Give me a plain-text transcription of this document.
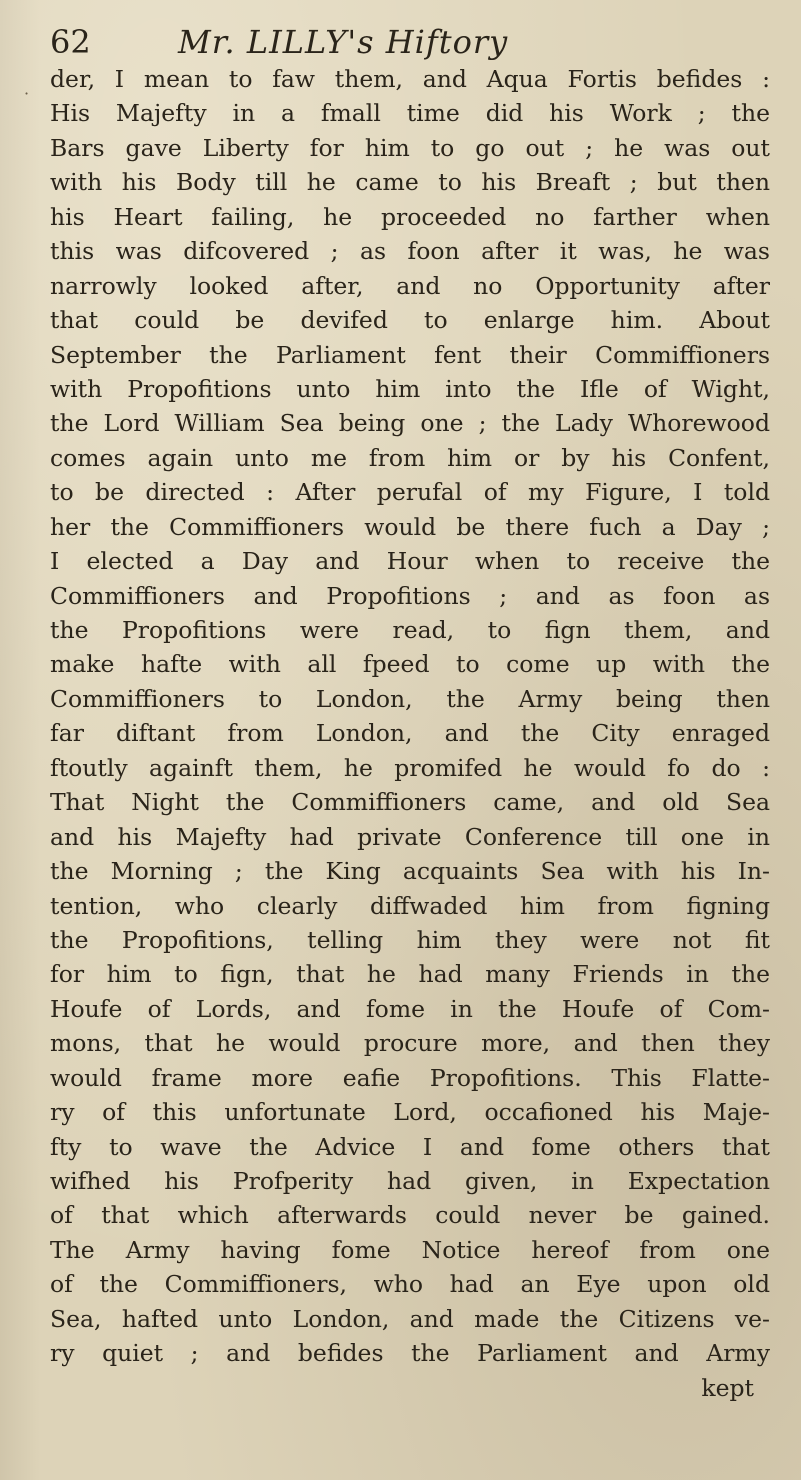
62	Mr. LILLY's Hiftory
·
der, I mean to faw them, and Aqua Fortis befides :
His Majefty in a fmall time did his Work ; the
Bars gave Liberty for him to go out ; he was out
with his Body till he came to his Breaft ; but then
his Heart failing, he proceeded no farther when
this was difcovered ; as foon after it was, he was
narrowly looked after, and no Opportunity after
that could be devifed to enlarge him. About
September the Parliament fent their Commiffioners
with Propofitions unto him into the Ifle of Wight,
the Lord William Sea being one ; the Lady Whorewood
comes again unto me from him or by his Confent,
to be directed : After perufal of my Figure, I told
her the Commiffioners would be there fuch a Day ;
I elected a Day and Hour when to receive the
Commiffioners and Propofitions ; and as foon as
the Propofitions were read, to fign them, and
make hafte with all fpeed to come up with the
Commiffioners to London, the Army being then
far diftant from London, and the City enraged
ftoutly againft them, he promifed he would fo do :
That Night the Commiffioners came, and old Sea
and his Majefty had private Conference till one in
the Morning ; the King acquaints Sea with his In-
tention, who clearly diffwaded him from figning
the Propofitions, telling him they were not fit
for him to fign, that he had many Friends in the
Houfe of Lords, and fome in the Houfe of Com-
mons, that he would procure more, and then they
would frame more eafie Propofitions. This Flatte-
ry of this unfortunate Lord, occafioned his Maje-
fty to wave the Advice I and fome others that
wifhed his Profperity had given, in Expectation
of that which afterwards could never be gained.
The Army having fome Notice hereof from one
of the Commiffioners, who had an Eye upon old
Sea, hafted unto London, and made the Citizens ve-
ry quiet ; and befides the Parliament and Army
kept
